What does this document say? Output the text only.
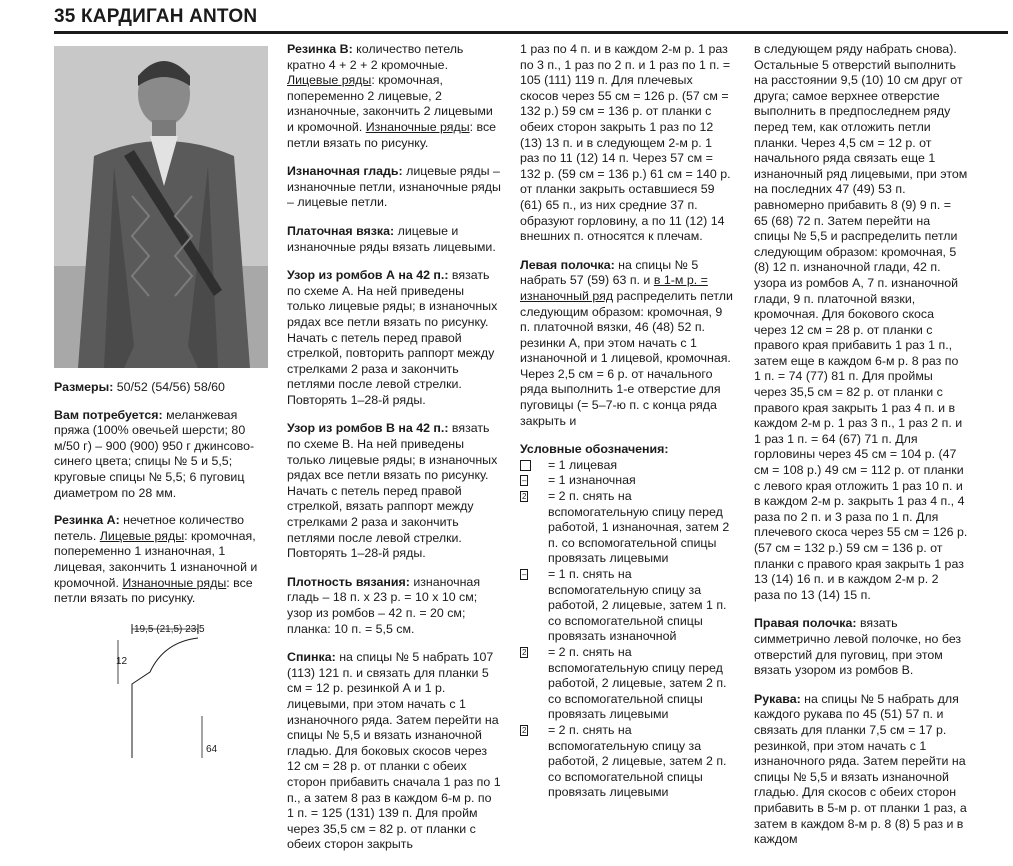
35 КАРДИГАН ANTON

Размеры: 50/52 (54/56) 58/60

Вам потребуется: меланжевая пряжа (100% овечьей шерсти; 80 м/50 г) – 900 (900) 950 г джинсово-синего цвета; спицы № 5 и 5,5; круговые спицы № 5,5; 6 пуговиц диаметром по 28 мм.

Резинка А: нечетное количество петель. Лицевые ряды: кромочная, попеременно 1 изнаночная, 1 лицевая, закончить 1 изнаночной и кромочной. Изнаночные ряды: все петли вязать по рисунку.

19,5 (21,5) 23,5
12
64

Резинка В: количество петель кратно 4 + 2 + 2 кромочные. Лицевые ряды: кромочная, попеременно 2 лицевые, 2 изнаночные, закончить 2 лицевыми и кромочной. Изнаночные ряды: все петли вязать по рисунку.

Изнаночная гладь: лицевые ряды – изнаночные петли, изнаночные ряды – лицевые петли.

Платочная вязка: лицевые и изнаночные ряды вязать лицевыми.

Узор из ромбов А на 42 п.: вязать по схеме А. На ней приведены только лицевые ряды; в изнаночных рядах все петли вязать по рисунку. Начать с петель перед правой стрелкой, повторить раппорт между стрелками 2 раза и закончить петлями после левой стрелки. Повторять 1–28-й ряды.

Узор из ромбов В на 42 п.: вязать по схеме В. На ней приведены только лицевые ряды; в изнаночных рядах все петли вязать по рисунку. Начать с петель перед правой стрелкой, вязать раппорт между стрелками 2 раза и закончить петлями после левой стрелки. Повторять 1–28-й ряды.

Плотность вязания: изнаночная гладь – 18 п. х 23 р. = 10 х 10 см; узор из ромбов – 42 п. = 20 см; планка: 10 п. = 5,5 см.

Спинка: на спицы № 5 набрать 107 (113) 121 п. и связать для планки 5 см = 12 р. резинкой А и 1 р. лицевыми, при этом начать с 1 изнаночного ряда. Затем перейти на спицы № 5,5 и вязать изнаночной гладью. Для боковых скосов через 12 см = 28 р. от планки с обеих сторон прибавить сначала 1 раз по 1 п., а затем 8 раз в каждом 6-м р. по 1 п. = 125 (131) 139 п. Для пройм через 35,5 см = 82 р. от планки с обеих сторон закрыть

1 раз по 4 п. и в каждом 2-м р. 1 раз по 3 п., 1 раз по 2 п. и 1 раз по 1 п. = 105 (111) 119 п. Для плечевых скосов через 55 см = 126 р. (57 см = 132 р.) 59 см = 136 р. от планки с обеих сторон закрыть 1 раз по 12 (13) 13 п. и в следующем 2-м р. 1 раз по 11 (12) 14 п. Через 57 см = 132 р. (59 см = 136 р.) 61 см = 140 р. от планки закрыть оставшиеся 59 (61) 65 п., из них средние 37 п. образуют горловину, а по 11 (12) 14 внешних п. относятся к плечам.

Левая полочка: на спицы № 5 набрать 57 (59) 63 п. и в 1-м р. = изнаночный ряд распределить петли следующим образом: кромочная, 9 п. платочной вязки, 46 (48) 52 п. резинки А, при этом начать с 1 изнаночной и 1 лицевой, кромочная. Через 2,5 см = 6 р. от начального ряда выполнить 1-е отверстие для пуговицы (= 5–7-ю п. с конца ряда закрыть и

Условные обозначения:
= 1 лицевая
– = 1 изнаночная
2 = 2 п. снять на вспомогательную спицу перед работой, 1 изнаночная, затем 2 п. со вспомогательной спицы провязать лицевыми
– = 1 п. снять на вспомогательную спицу за работой, 2 лицевые, затем 1 п. со вспомогательной спицы провязать изнаночной
2 = 2 п. снять на вспомогательную спицу перед работой, 2 лицевые, затем 2 п. со вспомогательной спицы провязать лицевыми
2 = 2 п. снять на вспомогательную спицу за работой, 2 лицевые, затем 2 п. со вспомогательной спицы провязать лицевыми

в следующем ряду набрать снова). Остальные 5 отверстий выполнить на расстоянии 9,5 (10) 10 см друг от друга; самое верхнее отверстие выполнить в предпоследнем ряду перед тем, как отложить петли планки. Через 4,5 см = 12 р. от начального ряда связать еще 1 изнаночный ряд лицевыми, при этом на последних 47 (49) 53 п. равномерно прибавить 8 (9) 9 п. = 65 (68) 72 п. Затем перейти на спицы № 5,5 и распределить петли следующим образом: кромочная, 5 (8) 12 п. изнаночной глади, 42 п. узора из ромбов А, 7 п. изнаночной глади, 9 п. платочной вязки, кромочная. Для бокового скоса через 12 см = 28 р. от планки с правого края прибавить 1 раз 1 п., затем еще в каждом 6-м р. 8 раз по 1 п. = 74 (77) 81 п. Для проймы через 35,5 см = 82 р. от планки с правого края закрыть 1 раз 4 п. и в каждом 2-м р. 1 раз 3 п., 1 раз 2 п. и 1 раз 1 п. = 64 (67) 71 п. Для горловины через 45 см = 104 р. (47 см = 108 р.) 49 см = 112 р. от планки с левого края отложить 1 раз 10 п. и в каждом 2-м р. закрыть 1 раз 4 п., 4 раза по 2 п. и 3 раза по 1 п. Для плечевого скоса через 55 см = 126 р. (57 см = 132 р.) 59 см = 136 р. от планки с правого края закрыть 1 раз 13 (14) 16 п. и в каждом 2-м р. 2 раза по 13 (14) 15 п.

Правая полочка: вязать симметрично левой полочке, но без отверстий для пуговиц, при этом вязать узором из ромбов В.

Рукава: на спицы № 5 набрать для каждого рукава по 45 (51) 57 п. и связать для планки 7,5 см = 17 р. резинкой, при этом начать с 1 изнаночного ряда. Затем перейти на спицы № 5,5 и вязать изнаночной гладью. Для скосов с обеих сторон прибавить в 5-м р. от планки 1 раз, а затем в каждом 8-м р. 8 (8) 5 раз и в каждом
